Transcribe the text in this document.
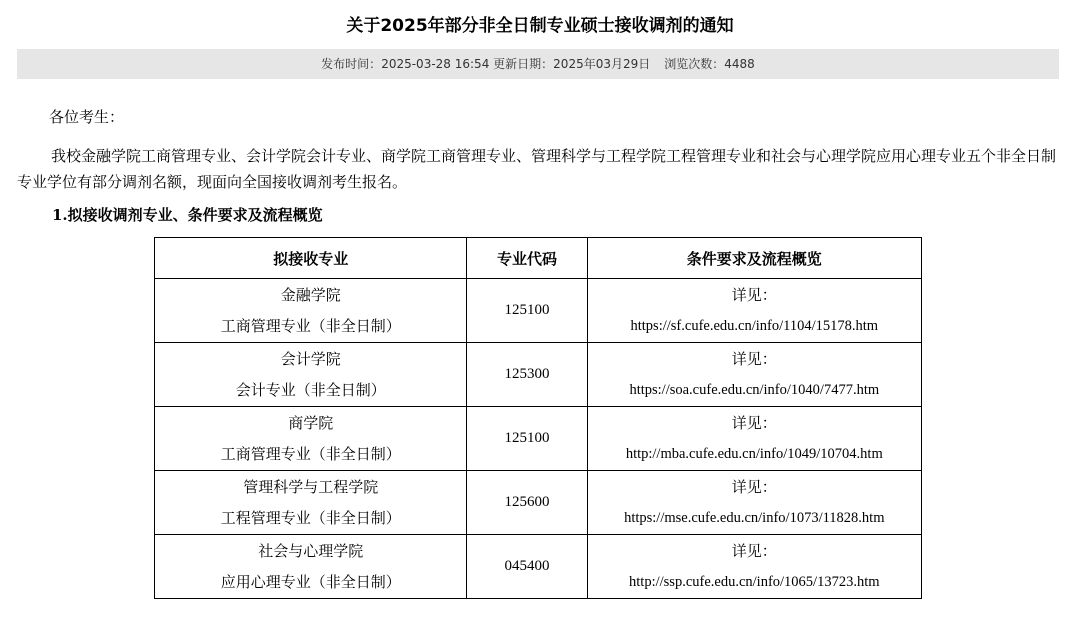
关于2025年部分非全日制专业硕士接收调剂的通知
发布时间：2025-03-28 16:54 更新日期：2025年03月29日 浏览次数：4488
各位考生：
我校金融学院工商管理专业、会计学院会计专业、商学院工商管理专业、管理科学与工程学院工程管理专业和社会与心理学院应用心理专业五个非全日制专业学位有部分调剂名额，现面向全国接收调剂考生报名。
1.拟接收调剂专业、条件要求及流程概览
拟接收专业	专业代码	条件要求及流程概览

金融学院
工商管理专业（非全日制）	125100	详见：
https://sf.cufe.edu.cn/info/1104/15178.htm

会计学院
会计专业（非全日制）	125300	详见：
https://soa.cufe.edu.cn/info/1040/7477.htm

商学院
工商管理专业（非全日制）	125100	详见：
http://mba.cufe.edu.cn/info/1049/10704.htm

管理科学与工程学院
工程管理专业（非全日制）	125600	详见：
https://mse.cufe.edu.cn/info/1073/11828.htm

社会与心理学院
应用心理专业（非全日制）	045400	详见：
http://ssp.cufe.edu.cn/info/1065/13723.htm
